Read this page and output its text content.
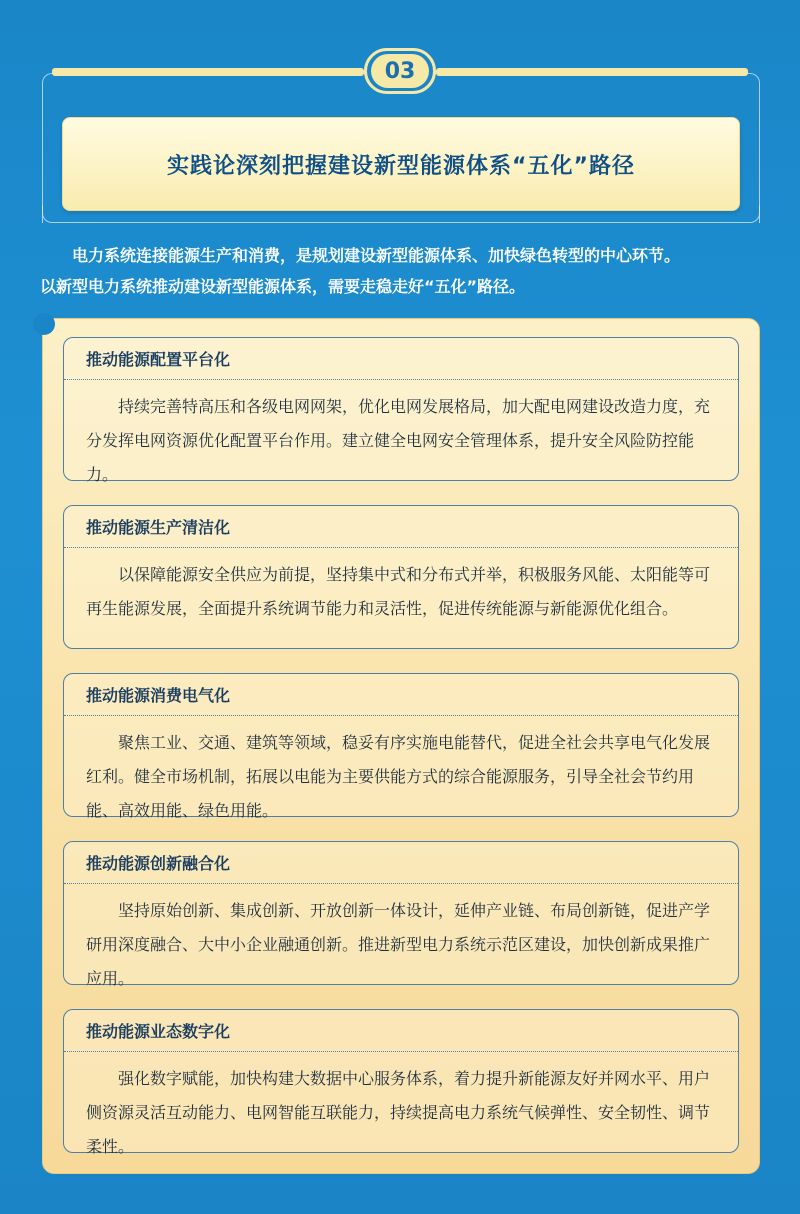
03
实践论深刻把握建设新型能源体系“五化”路径

电力系统连接能源生产和消费，是规划建设新型能源体系、加快绿色转型的中心环节。

以新型电力系统推动建设新型能源体系，需要走稳走好“五化”路径。

推动能源配置平台化
持续完善特高压和各级电网网架，优化电网发展格局，加大配电网建设改造力度，充分发挥电网资源优化配置平台作用。建立健全电网安全管理体系，提升安全风险防控能力。
推动能源生产清洁化
以保障能源安全供应为前提，坚持集中式和分布式并举，积极服务风能、太阳能等可再生能源发展，全面提升系统调节能力和灵活性，促进传统能源与新能源优化组合。
推动能源消费电气化
聚焦工业、交通、建筑等领域，稳妥有序实施电能替代，促进全社会共享电气化发展红利。健全市场机制，拓展以电能为主要供能方式的综合能源服务，引导全社会节约用能、高效用能、绿色用能。
推动能源创新融合化
坚持原始创新、集成创新、开放创新一体设计，延伸产业链、布局创新链，促进产学研用深度融合、大中小企业融通创新。推进新型电力系统示范区建设，加快创新成果推广应用。
推动能源业态数字化
强化数字赋能，加快构建大数据中心服务体系，着力提升新能源友好并网水平、用户侧资源灵活互动能力、电网智能互联能力，持续提高电力系统气候弹性、安全韧性、调节柔性。
